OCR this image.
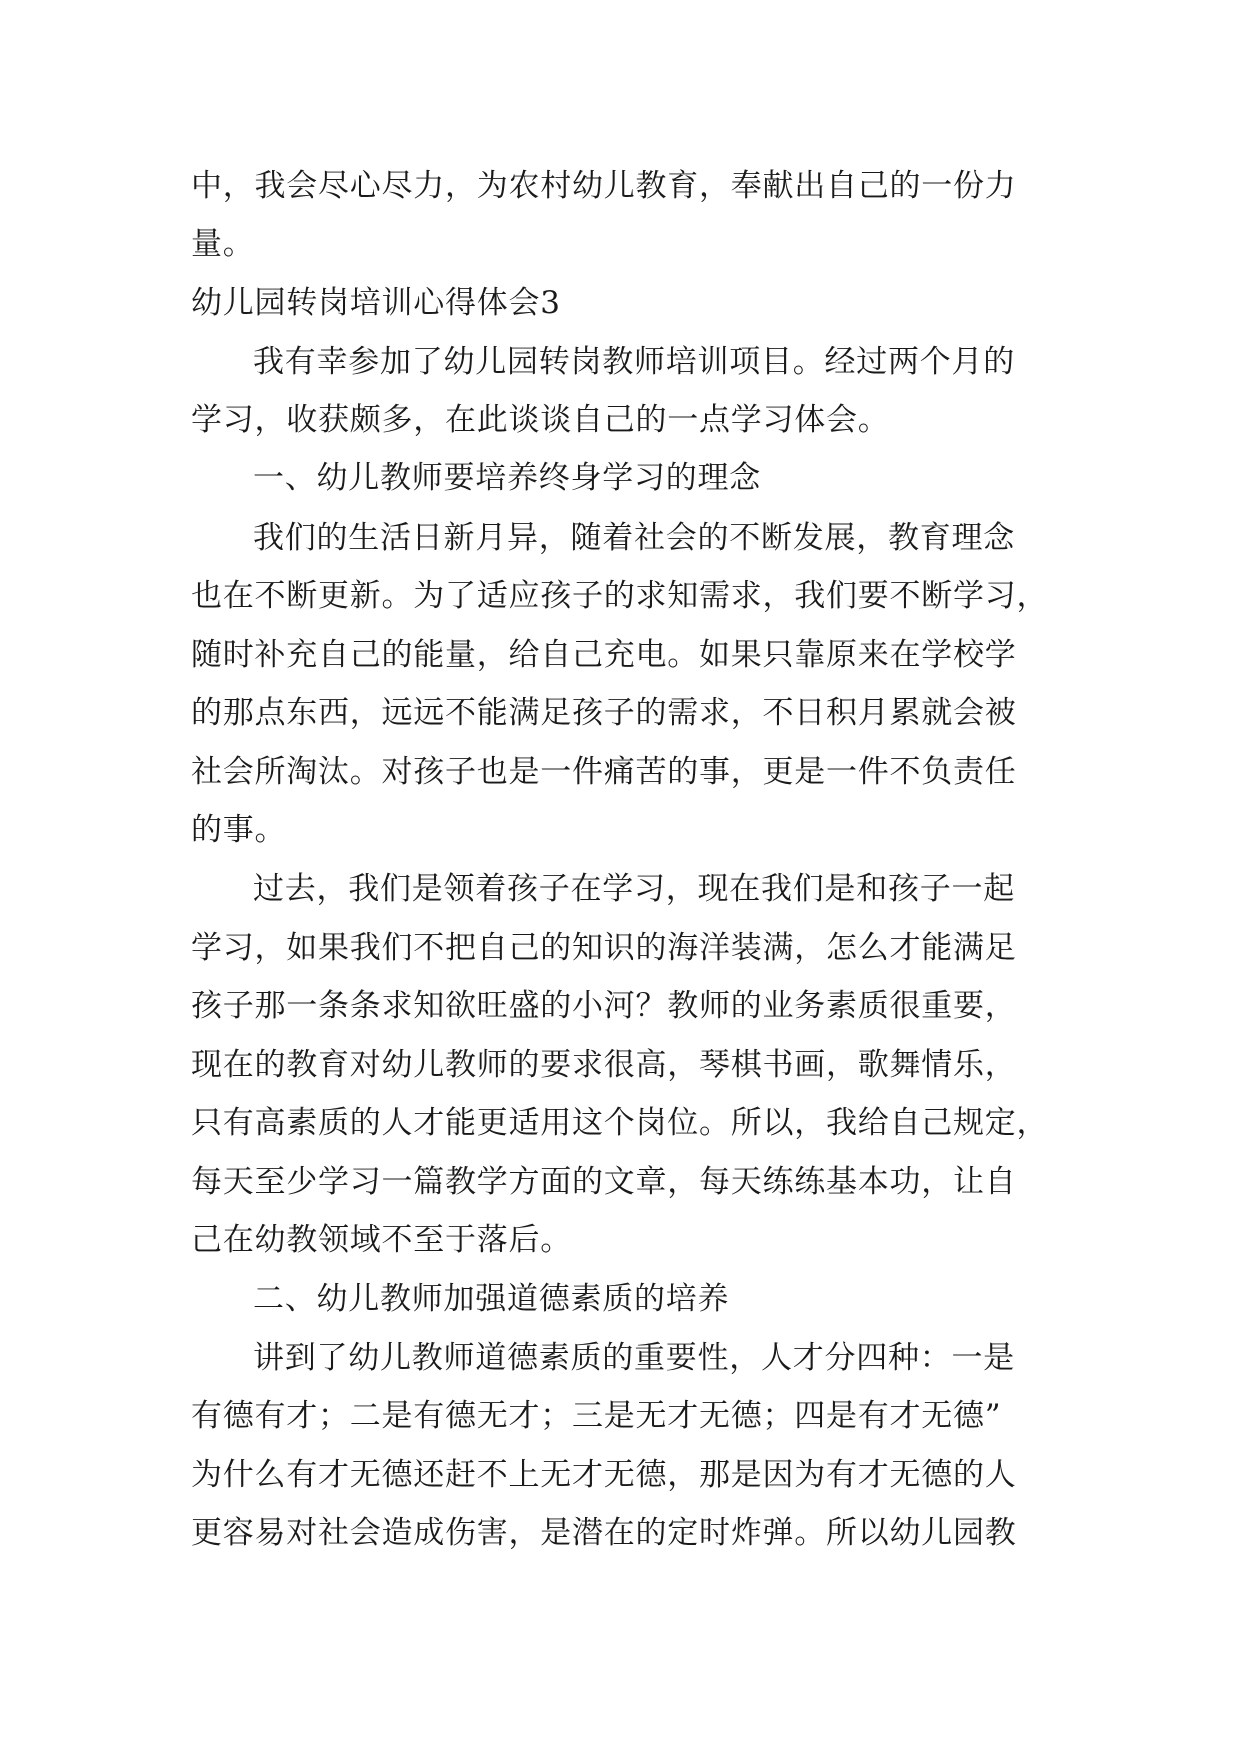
中，我会尽心尽力，为农村幼儿教育，奉献出自己的一份力
量。
幼儿园转岗培训心得体会3
我有幸参加了幼儿园转岗教师培训项目。经过两个月的
学习，收获颇多，在此谈谈自己的一点学习体会。
一、幼儿教师要培养终身学习的理念
我们的生活日新月异，随着社会的不断发展，教育理念
也在不断更新。为了适应孩子的求知需求，我们要不断学习，
随时补充自己的能量，给自己充电。如果只靠原来在学校学
的那点东西，远远不能满足孩子的需求，不日积月累就会被
社会所淘汰。对孩子也是一件痛苦的事，更是一件不负责任
的事。
过去，我们是领着孩子在学习，现在我们是和孩子一起
学习，如果我们不把自己的知识的海洋装满，怎么才能满足
孩子那一条条求知欲旺盛的小河？教师的业务素质很重要，
现在的教育对幼儿教师的要求很高，琴棋书画，歌舞情乐，
只有高素质的人才能更适用这个岗位。所以，我给自己规定，
每天至少学习一篇教学方面的文章，每天练练基本功，让自
己在幼教领域不至于落后。
二、幼儿教师加强道德素质的培养
讲到了幼儿教师道德素质的重要性，人才分四种：一是
有德有才；二是有德无才；三是无才无德；四是有才无德”
为什么有才无德还赶不上无才无德，那是因为有才无德的人
更容易对社会造成伤害，是潜在的定时炸弹。所以幼儿园教
